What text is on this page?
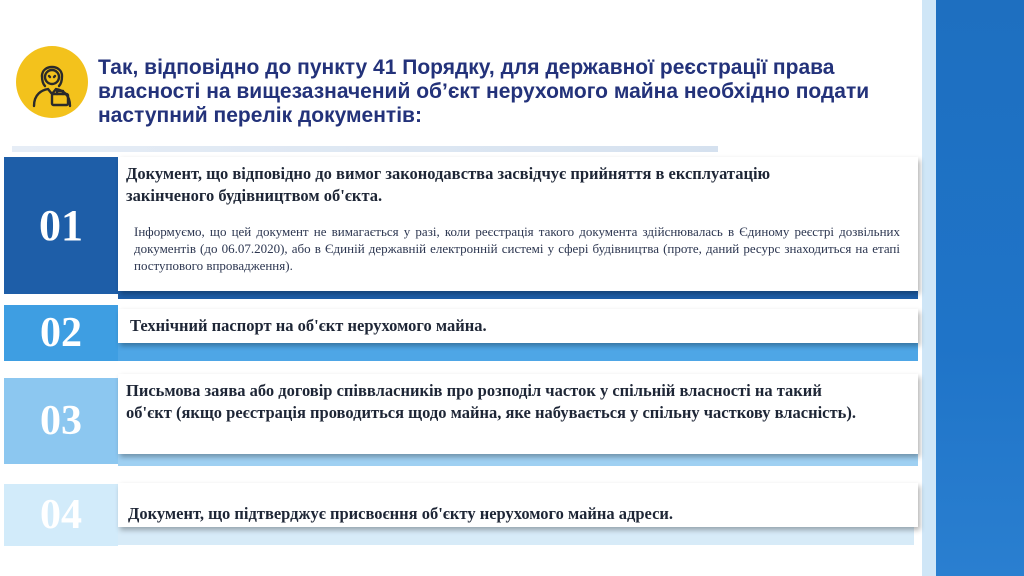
Так, відповідно до пункту 41 Порядку, для державної реєстрації права власності на вищезазначений об’єкт нерухомого майна необхідно подати наступний перелік документів:
01

Документ, що відповідно до вимог законодавства засвідчує прийняття в експлуатацію закінченого будівництвом об'єкта.

Інформуємо, що цей документ не вимагається у разі, коли реєстрація такого документа здійснювалась в Єдиному реєстрі дозвільних документів (до 06.07.2020), або в Єдиній державній електронній системі у сфері будівництва (проте, даний ресурс знаходиться на етапі поступового впровадження).

02	Технічний паспорт на об'єкт нерухомого майна.

03

Письмова заява або договір співвласників про розподіл часток у спільній власності на такий об'єкт (якщо реєстрація проводиться щодо майна, яке набувається у спільну часткову власність).

04	Документ, що підтверджує присвоєння об'єкту нерухомого майна адреси.
